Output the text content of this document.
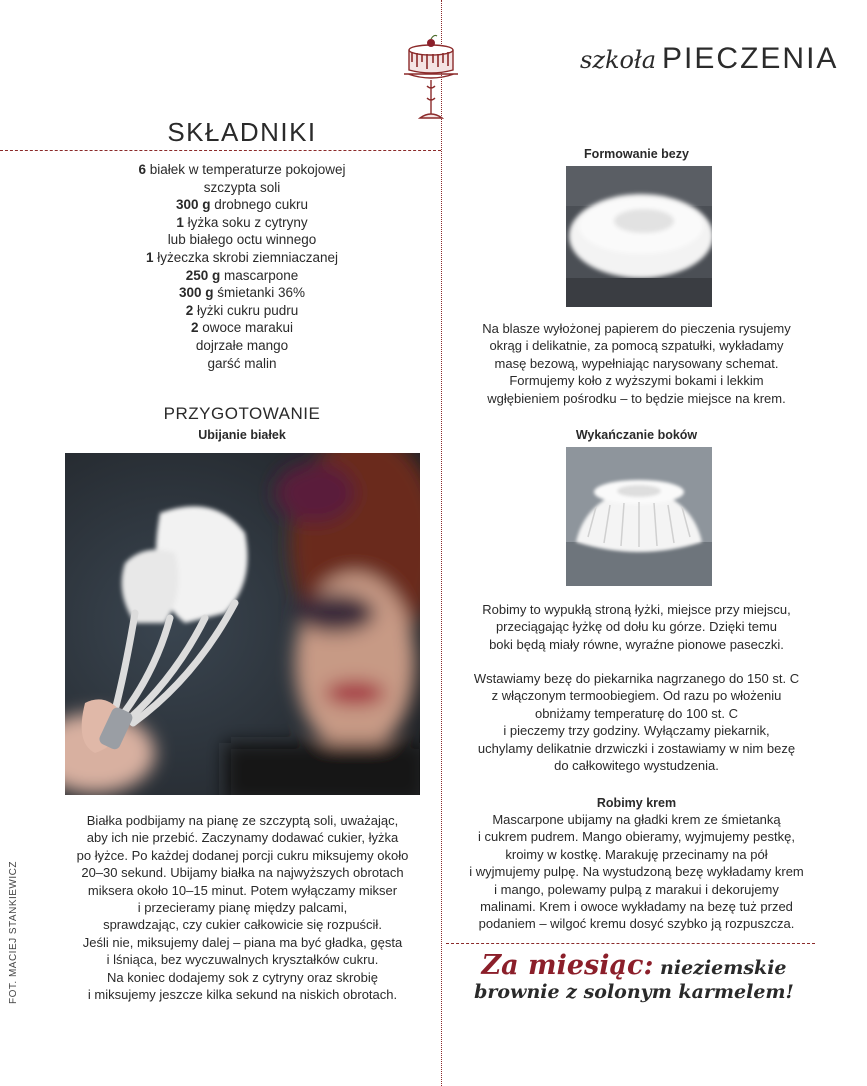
szkoła PIECZENIA
SKŁADNIKI
6 białek w temperaturze pokojowej
szczypta soli
300 g drobnego cukru
1 łyżka soku z cytryny
lub białego octu winnego
1 łyżeczka skrobi ziemniaczanej
250 g mascarpone
300 g śmietanki 36%
2 łyżki cukru pudru
2 owoce marakui
dojrzałe mango
garść malin
PRZYGOTOWANIE
Ubijanie białek
Białka podbijamy na pianę ze szczyptą soli, uważając,
aby ich nie przebić. Zaczynamy dodawać cukier, łyżka
po łyżce. Po każdej dodanej porcji cukru miksujemy około
20–30 sekund. Ubijamy białka na najwyższych obrotach
miksera około 10–15 minut. Potem wyłączamy mikser
i przecieramy pianę między palcami,
sprawdzając, czy cukier całkowicie się rozpuścił.
Jeśli nie, miksujemy dalej – piana ma być gładka, gęsta
i lśniąca, bez wyczuwalnych kryształków cukru.
Na koniec dodajemy sok z cytryny oraz skrobię
i miksujemy jeszcze kilka sekund na niskich obrotach.
FOT. MACIEJ STANKIEWICZ
Formowanie bezy
Na blasze wyłożonej papierem do pieczenia rysujemy
okrąg i delikatnie, za pomocą szpatułki, wykładamy
masę bezową, wypełniając narysowany schemat.
Formujemy koło z wyższymi bokami i lekkim
wgłębieniem pośrodku – to będzie miejsce na krem.
Wykańczanie boków
Robimy to wypukłą stroną łyżki, miejsce przy miejscu,
przeciągając łyżkę od dołu ku górze. Dzięki temu
boki będą miały równe, wyraźne pionowe paseczki.
Wstawiamy bezę do piekarnika nagrzanego do 150 st. C
z włączonym termoobiegiem. Od razu po włożeniu
obniżamy temperaturę do 100 st. C
i pieczemy trzy godziny. Wyłączamy piekarnik,
uchylamy delikatnie drzwiczki i zostawiamy w nim bezę
do całkowitego wystudzenia.
Robimy krem
Mascarpone ubijamy na gładki krem ze śmietanką
i cukrem pudrem. Mango obieramy, wyjmujemy pestkę,
kroimy w kostkę. Marakuję przecinamy na pół
i wyjmujemy pulpę. Na wystudzoną bezę wykładamy krem
i mango, polewamy pulpą z marakui i dekorujemy
malinami. Krem i owoce wykładamy na bezę tuż przed
podaniem – wilgoć kremu dosyć szybko ją rozpuszcza.
Za miesiąc: nieziemskie
brownie z solonym karmelem!
